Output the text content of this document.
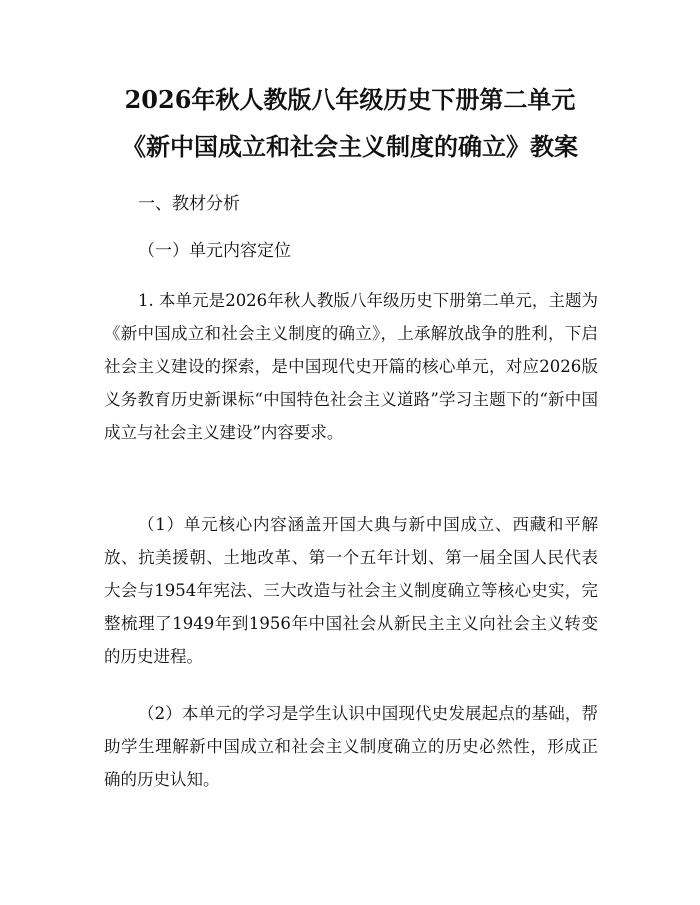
2026年秋人教版八年级历史下册第二单元
《新中国成立和社会主义制度的确立》教案

一、教材分析

（一）单元内容定位

1. 本单元是2026年秋人教版八年级历史下册第二单元，主题为《新中国成立和社会主义制度的确立》，上承解放战争的胜利，下启社会主义建设的探索，是中国现代史开篇的核心单元，对应2026版义务教育历史新课标“中国特色社会主义道路”学习主题下的“新中国成立与社会主义建设”内容要求。

（1）单元核心内容涵盖开国大典与新中国成立、西藏和平解放、抗美援朝、土地改革、第一个五年计划、第一届全国人民代表大会与1954年宪法、三大改造与社会主义制度确立等核心史实，完整梳理了1949年到1956年中国社会从新民主主义向社会主义转变的历史进程。

（2）本单元的学习是学生认识中国现代史发展起点的基础，帮助学生理解新中国成立和社会主义制度确立的历史必然性，形成正确的历史认知。
